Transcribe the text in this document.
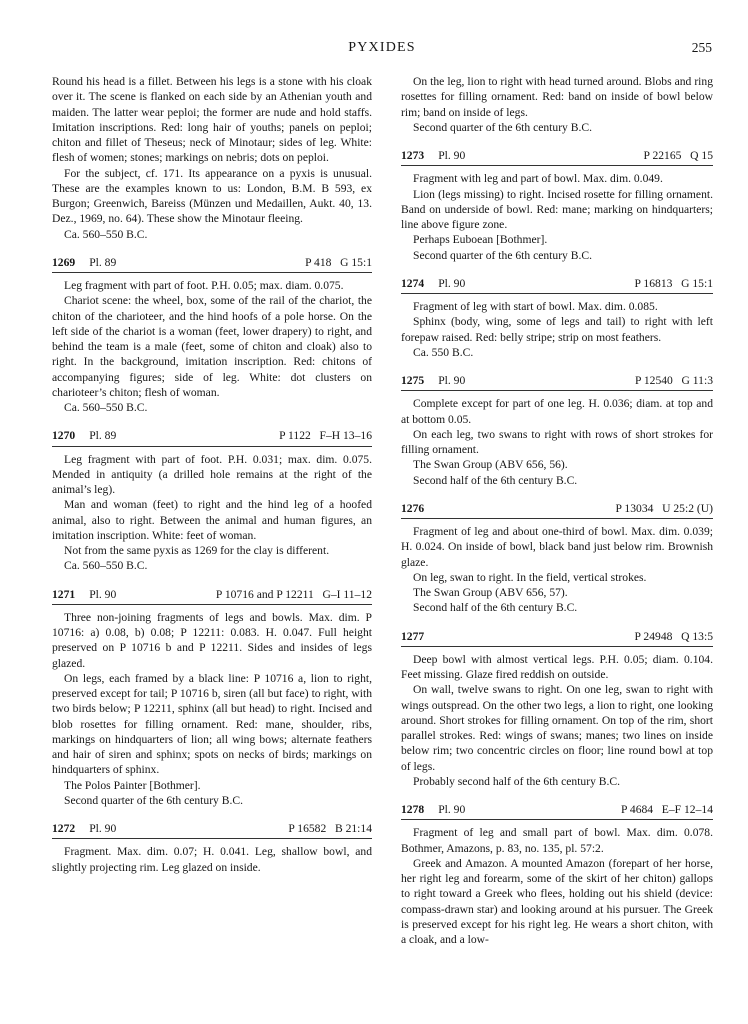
PYXIDES	255

Round his head is a fillet. Between his legs is a stone with his cloak over it. The scene is flanked on each side by an Athenian youth and maiden. The latter wear peploi; the former are nude and hold staffs. Imitation inscriptions. Red: long hair of youths; panels on peploi; chiton and fillet of Theseus; neck of Minotaur; sides of leg. White: flesh of women; stones; markings on nebris; dots on peploi.

For the subject, cf. 171. Its appearance on a pyxis is unusual. These are the examples known to us: London, B.M. B 593, ex Burgon; Greenwich, Bareiss (Münzen und Medaillen, Aukt. 40, 13. Dez., 1969, no. 64). These show the Minotaur fleeing.

Ca. 560–550 B.C.

1269 Pl. 89	P 418   G 15:1

Leg fragment with part of foot. P.H. 0.05; max. diam. 0.075.

Chariot scene: the wheel, box, some of the rail of the chariot, the chiton of the charioteer, and the hind hoofs of a pole horse. On the left side of the chariot is a woman (feet, lower drapery) to right, and behind the team is a male (feet, some of chiton and cloak) also to right. In the background, imitation inscription. Red: chitons of accompanying figures; side of leg. White: dot clusters on charioteer’s chiton; flesh of woman.

Ca. 560–550 B.C.

1270 Pl. 89	P 1122   F–H 13–16

Leg fragment with part of foot. P.H. 0.031; max. dim. 0.075. Mended in antiquity (a drilled hole remains at the right of the animal’s leg).

Man and woman (feet) to right and the hind leg of a hoofed animal, also to right. Between the animal and human figures, an imitation inscription. White: feet of woman.

Not from the same pyxis as 1269 for the clay is different.

Ca. 560–550 B.C.

1271 Pl. 90	P 10716 and P 12211   G–I 11–12

Three non-joining fragments of legs and bowls. Max. dim. P 10716: a) 0.08, b) 0.08; P 12211: 0.083. H. 0.047. Full height preserved on P 10716 b and P 12211. Sides and insides of legs glazed.

On legs, each framed by a black line: P 10716 a, lion to right, preserved except for tail; P 10716 b, siren (all but face) to right, with two birds below; P 12211, sphinx (all but head) to right. Incised and blob rosettes for filling ornament. Red: mane, shoulder, ribs, markings on hindquarters of lion; all wing bows; alternate feathers and hair of siren and sphinx; spots on necks of birds; markings on hindquarters of sphinx.

The Polos Painter [Bothmer].

Second quarter of the 6th century B.C.

1272 Pl. 90	P 16582   B 21:14

Fragment. Max. dim. 0.07; H. 0.041. Leg, shallow bowl, and slightly projecting rim. Leg glazed on inside.

On the leg, lion to right with head turned around. Blobs and ring rosettes for filling ornament. Red: band on inside of bowl below rim; band on inside of legs.

Second quarter of the 6th century B.C.

1273 Pl. 90	P 22165   Q 15

Fragment with leg and part of bowl. Max. dim. 0.049.

Lion (legs missing) to right. Incised rosette for filling ornament. Band on underside of bowl. Red: mane; marking on hindquarters; line above figure zone.

Perhaps Euboean [Bothmer].

Second quarter of the 6th century B.C.

1274 Pl. 90	P 16813   G 15:1

Fragment of leg with start of bowl. Max. dim. 0.085.

Sphinx (body, wing, some of legs and tail) to right with left forepaw raised. Red: belly stripe; strip on most feathers.

Ca. 550 B.C.

1275 Pl. 90	P 12540   G 11:3

Complete except for part of one leg. H. 0.036; diam. at top and at bottom 0.05.

On each leg, two swans to right with rows of short strokes for filling ornament.

The Swan Group (ABV 656, 56).

Second half of the 6th century B.C.

1276	P 13034   U 25:2 (U)

Fragment of leg and about one-third of bowl. Max. dim. 0.039; H. 0.024. On inside of bowl, black band just below rim. Brownish glaze.

On leg, swan to right. In the field, vertical strokes.

The Swan Group (ABV 656, 57).

Second half of the 6th century B.C.

1277	P 24948   Q 13:5

Deep bowl with almost vertical legs. P.H. 0.05; diam. 0.104. Feet missing. Glaze fired reddish on outside.

On wall, twelve swans to right. On one leg, swan to right with wings outspread. On the other two legs, a lion to right, one looking around. Short strokes for filling ornament. On top of the rim, short parallel strokes. Red: wings of swans; manes; two lines on inside below rim; two concentric circles on floor; line round bowl at top of legs.

Probably second half of the 6th century B.C.

1278 Pl. 90	P 4684   E–F 12–14

Fragment of leg and small part of bowl. Max. dim. 0.078. Bothmer, Amazons, p. 83, no. 135, pl. 57:2.

Greek and Amazon. A mounted Amazon (forepart of her horse, her right leg and forearm, some of the skirt of her chiton) gallops to right toward a Greek who flees, holding out his shield (device: compass-drawn star) and looking around at his pursuer. The Greek is preserved except for his right leg. He wears a short chiton, with a cloak, and a low-
